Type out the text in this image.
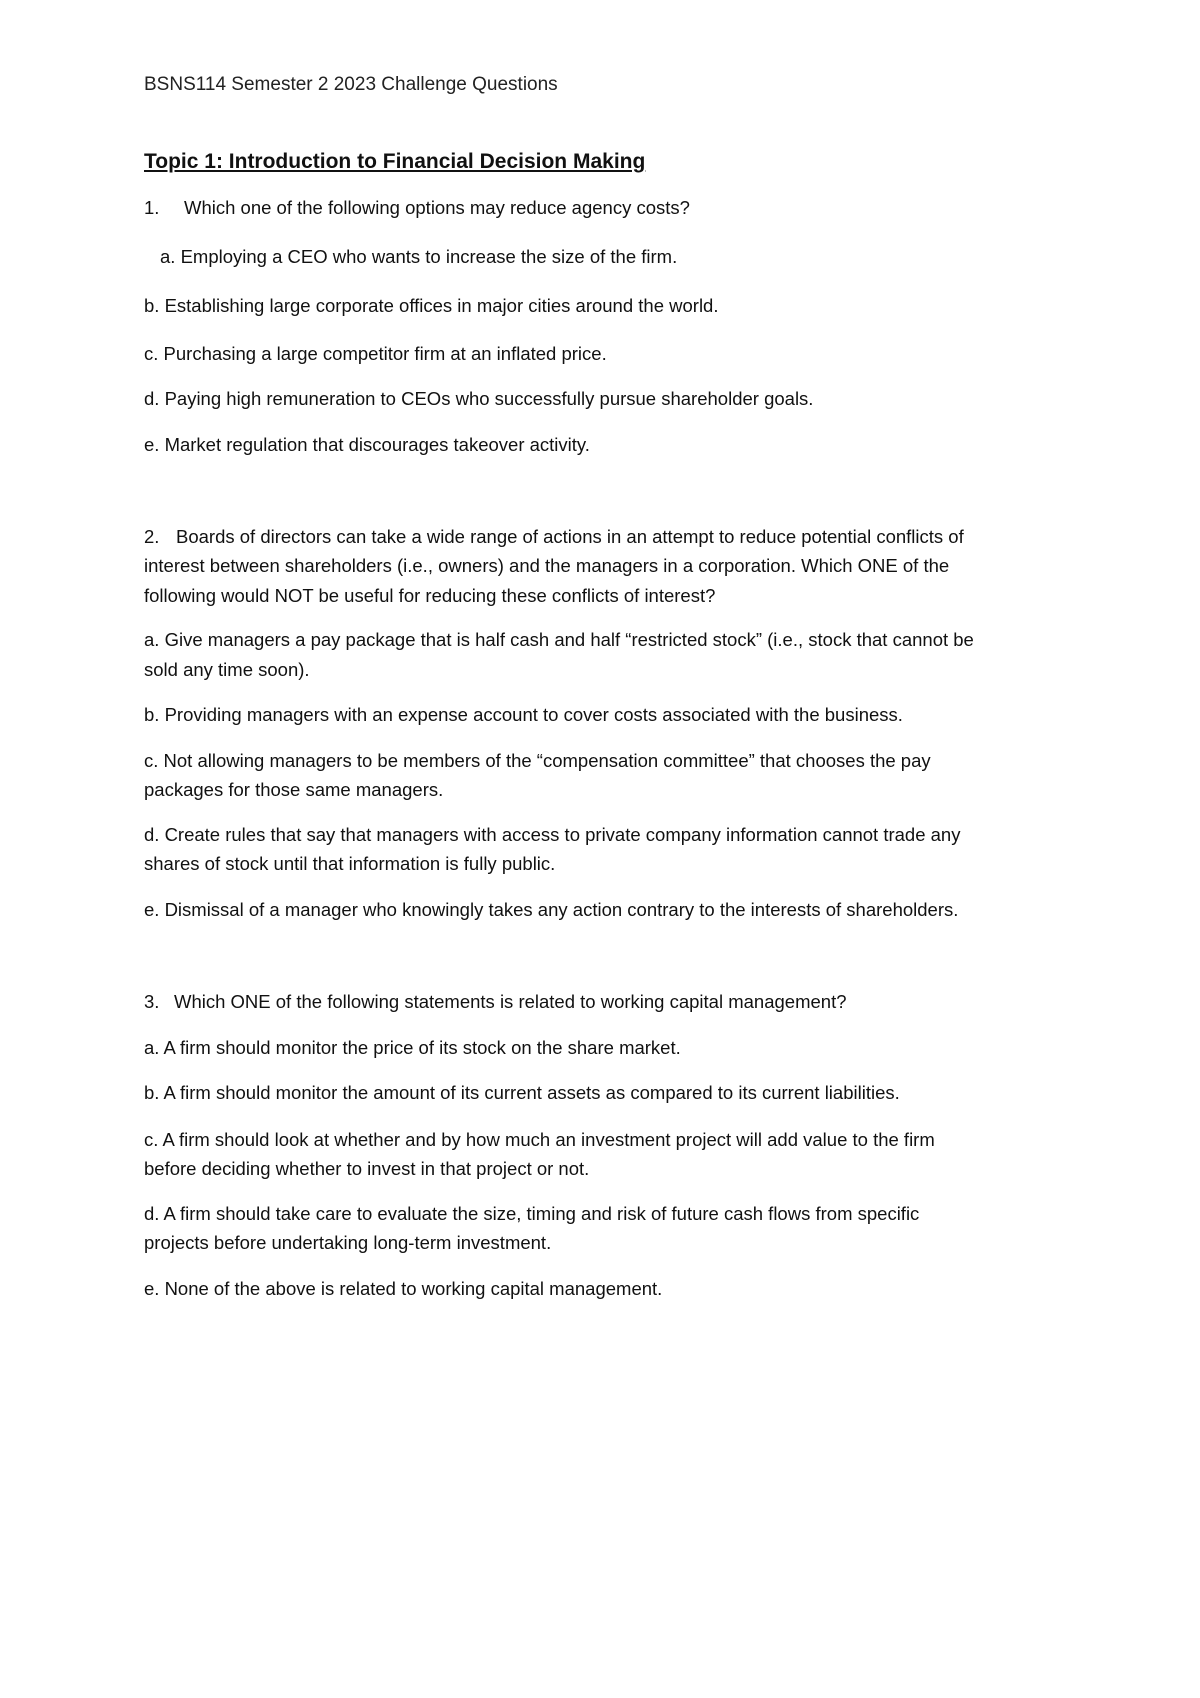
BSNS114 Semester 2 2023 Challenge Questions
Topic 1: Introduction to Financial Decision Making
1. Which one of the following options may reduce agency costs?
a. Employing a CEO who wants to increase the size of the firm.
b. Establishing large corporate offices in major cities around the world.
c. Purchasing a large competitor firm at an inflated price.
d. Paying high remuneration to CEOs who successfully pursue shareholder goals.
e. Market regulation that discourages takeover activity.
2. Boards of directors can take a wide range of actions in an attempt to reduce potential conflicts of
interest between shareholders (i.e., owners) and the managers in a corporation. Which ONE of the
following would NOT be useful for reducing these conflicts of interest?
a. Give managers a pay package that is half cash and half “restricted stock” (i.e., stock that cannot be
sold any time soon).
b. Providing managers with an expense account to cover costs associated with the business.
c. Not allowing managers to be members of the “compensation committee” that chooses the pay
packages for those same managers.
d. Create rules that say that managers with access to private company information cannot trade any
shares of stock until that information is fully public.
e. Dismissal of a manager who knowingly takes any action contrary to the interests of shareholders.
3. Which ONE of the following statements is related to working capital management?
a. A firm should monitor the price of its stock on the share market.
b. A firm should monitor the amount of its current assets as compared to its current liabilities.
c. A firm should look at whether and by how much an investment project will add value to the firm
before deciding whether to invest in that project or not.
d. A firm should take care to evaluate the size, timing and risk of future cash flows from specific
projects before undertaking long-term investment.
e. None of the above is related to working capital management.
